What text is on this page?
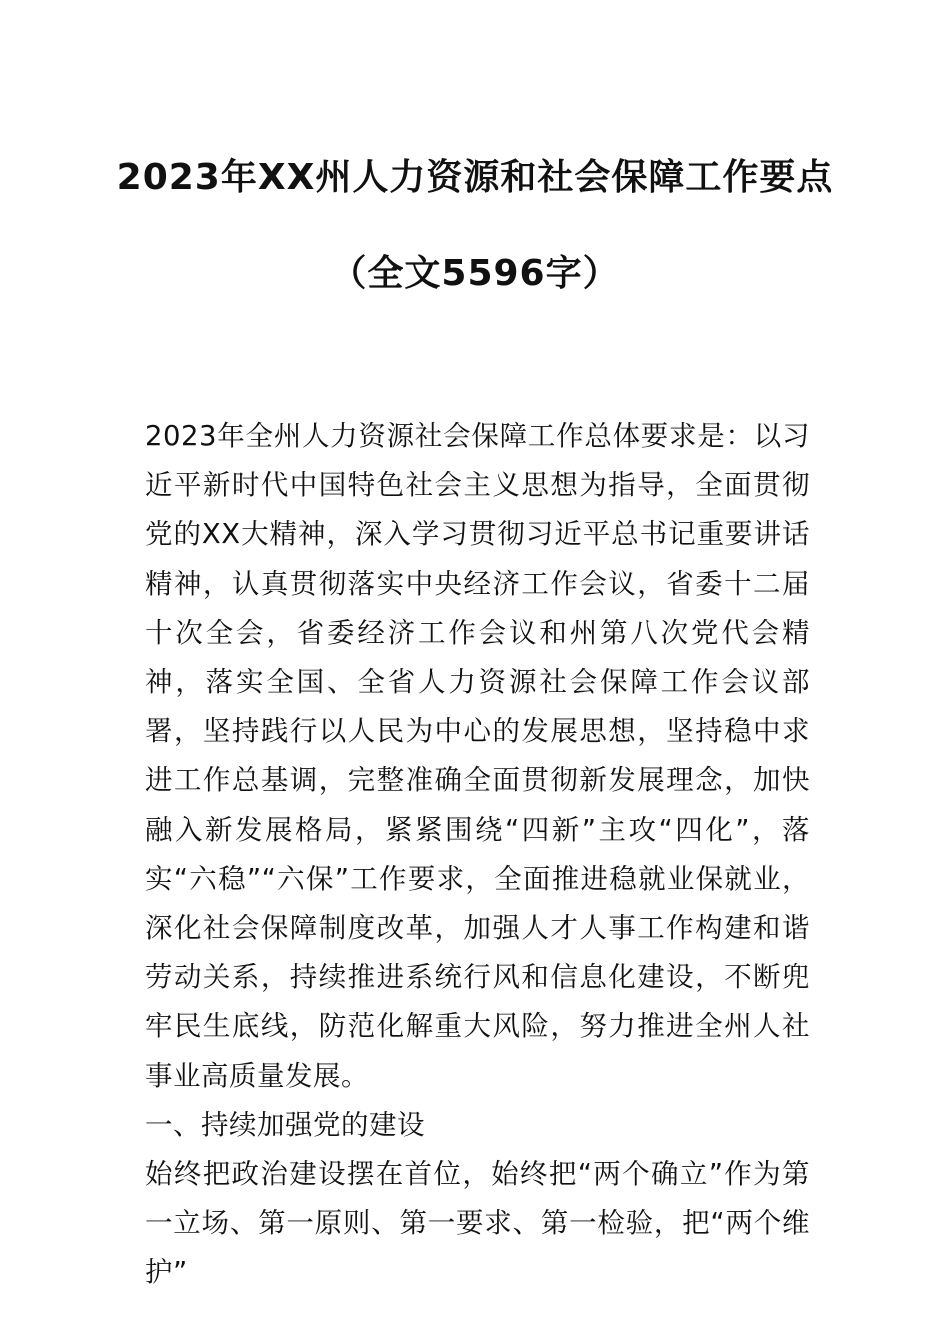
2023年XX州人力资源和社会保障工作要点
（全文5596字）

2023年全州人力资源社会保障工作总体要求是：以习近平新时代中国特色社会主义思想为指导，全面贯彻党的XX大精神，深入学习贯彻习近平总书记重要讲话精神，认真贯彻落实中央经济工作会议，省委十二届十次全会，省委经济工作会议和州第八次党代会精神，落实全国、全省人力资源社会保障工作会议部署，坚持践行以人民为中心的发展思想，坚持稳中求进工作总基调，完整准确全面贯彻新发展理念，加快融入新发展格局，紧紧围绕“四新”主攻“四化”，落实“六稳”“六保”工作要求，全面推进稳就业保就业，深化社会保障制度改革，加强人才人事工作构建和谐劳动关系，持续推进系统行风和信息化建设，不断兜牢民生底线，防范化解重大风险，努力推进全州人社事业高质量发展。

一、持续加强党的建设

始终把政治建设摆在首位，始终把“两个确立”作为第一立场、第一原则、第一要求、第一检验，把“两个维护”
